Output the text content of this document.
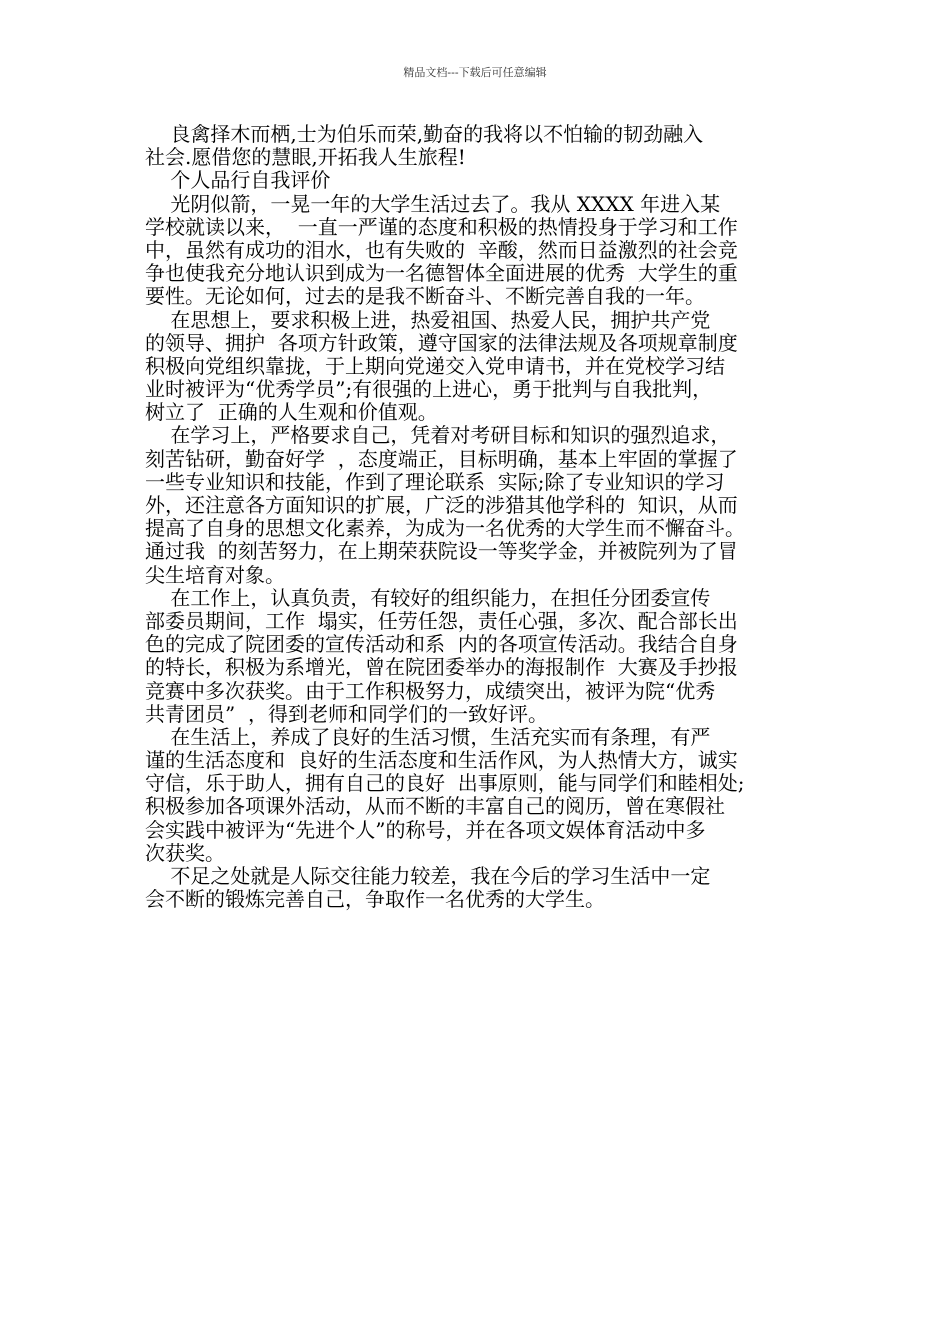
精品文档---下载后可任意编辑
良禽择木而栖,士为伯乐而荣,勤奋的我将以不怕输的韧劲融入
社会.愿借您的慧眼,开拓我人生旅程!
个人品行自我评价
光阴似箭，一晃一年的大学生活过去了。我从 XXXX 年进入某
学校就读以来，  一直一严谨的态度和积极的热情投身于学习和工作
中，虽然有成功的泪水，也有失败的  辛酸，然而日益激烈的社会竞
争也使我充分地认识到成为一名德智体全面进展的优秀  大学生的重
要性。无论如何，过去的是我不断奋斗、不断完善自我的一年。
在思想上，要求积极上进，热爱祖国、热爱人民，拥护共产党
的领导、拥护  各项方针政策，遵守国家的法律法规及各项规章制度
积极向党组织靠拢，于上期向党递交入党申请书，并在党校学习结
业时被评为“优秀学员”;有很强的上进心，勇于批判与自我批判，
树立了  正确的人生观和价值观。
在学习上，严格要求自己，凭着对考研目标和知识的强烈追求，
刻苦钻研，勤奋好学  ，态度端正，目标明确，基本上牢固的掌握了
一些专业知识和技能，作到了理论联系  实际;除了专业知识的学习
外，还注意各方面知识的扩展，广泛的涉猎其他学科的  知识，从而
提高了自身的思想文化素养，为成为一名优秀的大学生而不懈奋斗。
通过我  的刻苦努力，在上期荣获院设一等奖学金，并被院列为了冒
尖生培育对象。
在工作上，认真负责，有较好的组织能力，在担任分团委宣传
部委员期间，工作  塌实，任劳任怨，责任心强，多次、配合部长出
色的完成了院团委的宣传活动和系  内的各项宣传活动。我结合自身
的特长，积极为系增光，曾在院团委举办的海报制作  大赛及手抄报
竞赛中多次获奖。由于工作积极努力，成绩突出，被评为院“优秀
共青团员”  ，得到老师和同学们的一致好评。
在生活上，养成了良好的生活习惯，生活充实而有条理，有严
谨的生活态度和  良好的生活态度和生活作风，为人热情大方，诚实
守信，乐于助人，拥有自己的良好  出事原则，能与同学们和睦相处;
积极参加各项课外活动，从而不断的丰富自己的阅历，曾在寒假社
会实践中被评为“先进个人”的称号，并在各项文娱体育活动中多
次获奖。
不足之处就是人际交往能力较差，我在今后的学习生活中一定
会不断的锻炼完善自己，争取作一名优秀的大学生。
